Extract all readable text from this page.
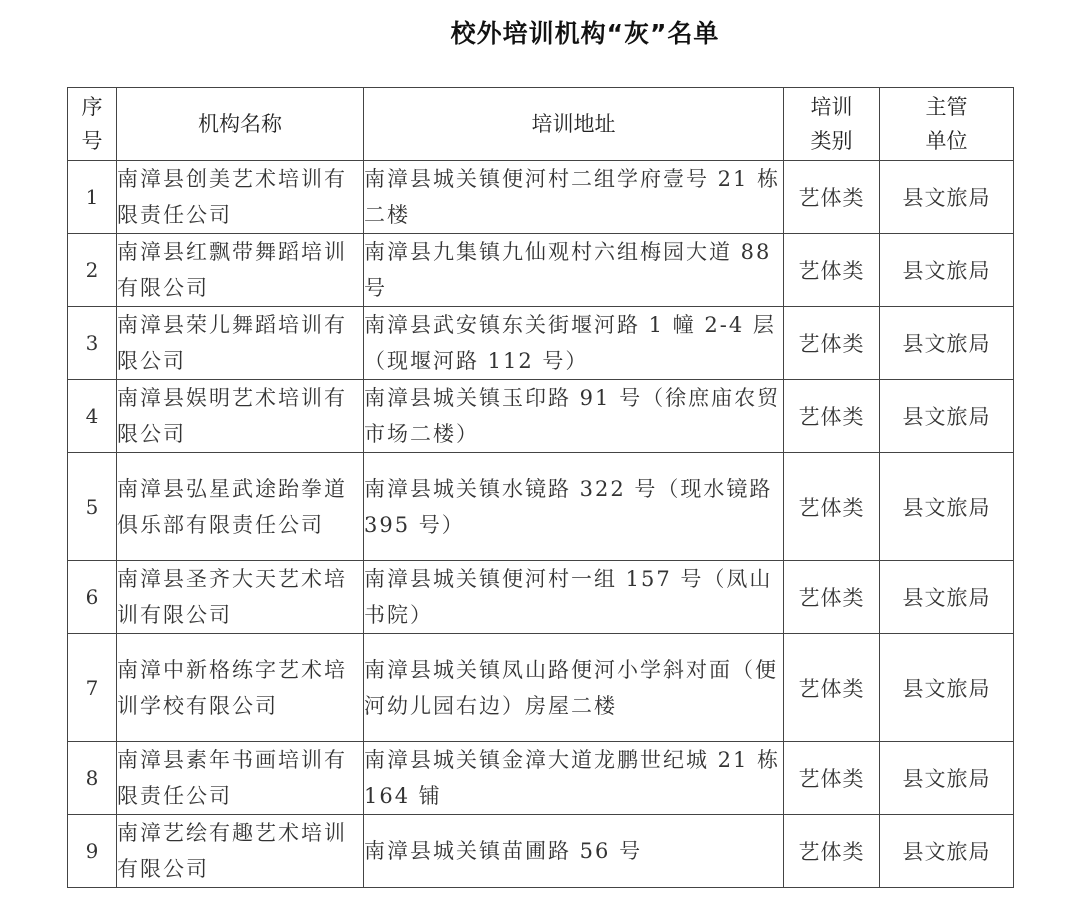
校外培训机构“灰”名单
序号	机构名称	培训地址	培训类别	主管单位
1	南漳县创美艺术培训有限责任公司	南漳县城关镇便河村二组学府壹号 21 栋二楼	艺体类	县文旅局
2	南漳县红飘带舞蹈培训有限公司	南漳县九集镇九仙观村六组梅园大道 88 号	艺体类	县文旅局
3	南漳县荣儿舞蹈培训有限公司	南漳县武安镇东关街堰河路 1 幢 2-4 层（现堰河路 112 号）	艺体类	县文旅局
4	南漳县娱明艺术培训有限公司	南漳县城关镇玉印路 91 号（徐庶庙农贸市场二楼）	艺体类	县文旅局
5	南漳县弘星武途跆拳道俱乐部有限责任公司	南漳县城关镇水镜路 322 号（现水镜路 395 号）	艺体类	县文旅局
6	南漳县圣齐大天艺术培训有限公司	南漳县城关镇便河村一组 157 号（凤山书院）	艺体类	县文旅局
7	南漳中新格练字艺术培训学校有限公司	南漳县城关镇凤山路便河小学斜对面（便河幼儿园右边）房屋二楼	艺体类	县文旅局
8	南漳县素年书画培训有限责任公司	南漳县城关镇金漳大道龙鹏世纪城 21 栋 164 铺	艺体类	县文旅局
9	南漳艺绘有趣艺术培训有限公司	南漳县城关镇苗圃路 56 号	艺体类	县文旅局
